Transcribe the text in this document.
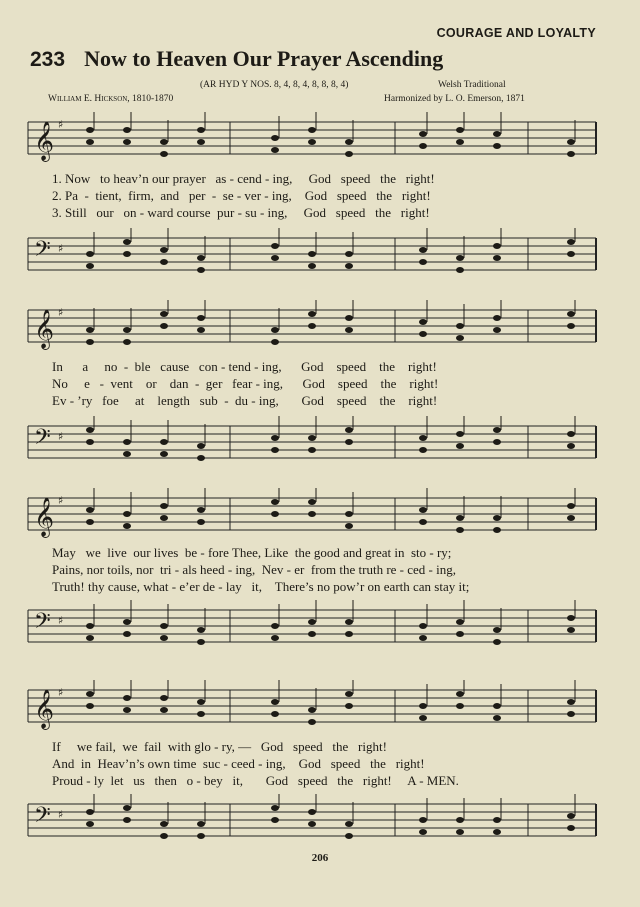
COURAGE AND LOYALTY
233 Now to Heaven Our Prayer Ascending
(AR HYD Y NOS. 8, 4, 8, 4, 8, 8, 8, 4)	Welsh Traditional
William E. Hickson, 1810-1870	Harmonized by L. O. Emerson, 1871
𝄞 ♯
1. Now   to heav’n our prayer   as - cend - ing,     God   speed   the   right!
2. Pa  -  tient,  firm,  and   per  -  se - ver - ing,    God   speed   the   right!
3. Still   our   on - ward course  pur - su - ing,     God   speed   the   right!
𝄢 ♯
𝄞 ♯
In      a     no  -  ble   cause   con - tend - ing,      God    speed    the    right!
No     e   -  vent    or    dan  -  ger   fear - ing,      God    speed    the    right!
Ev - ’ry   foe     at    length   sub  -  du - ing,       God    speed    the    right!
𝄢 ♯
𝄞 ♯
May   we  live  our lives  be - fore Thee, Like  the good and great in  sto - ry;
Pains, nor toils, nor  tri - als heed - ing,  Nev - er  from the truth re - ced - ing,
Truth! thy cause, what - e’er de - lay   it,    There’s no pow’r on earth can stay it;
𝄢 ♯
𝄞 ♯
If     we fail,  we  fail  with glo - ry, —   God   speed   the   right!
And  in  Heav’n’s own time  suc - ceed - ing,    God   speed   the   right!
Proud - ly  let   us   then   o - bey   it,       God   speed   the   right!     A - MEN.
𝄢 ♯
206
